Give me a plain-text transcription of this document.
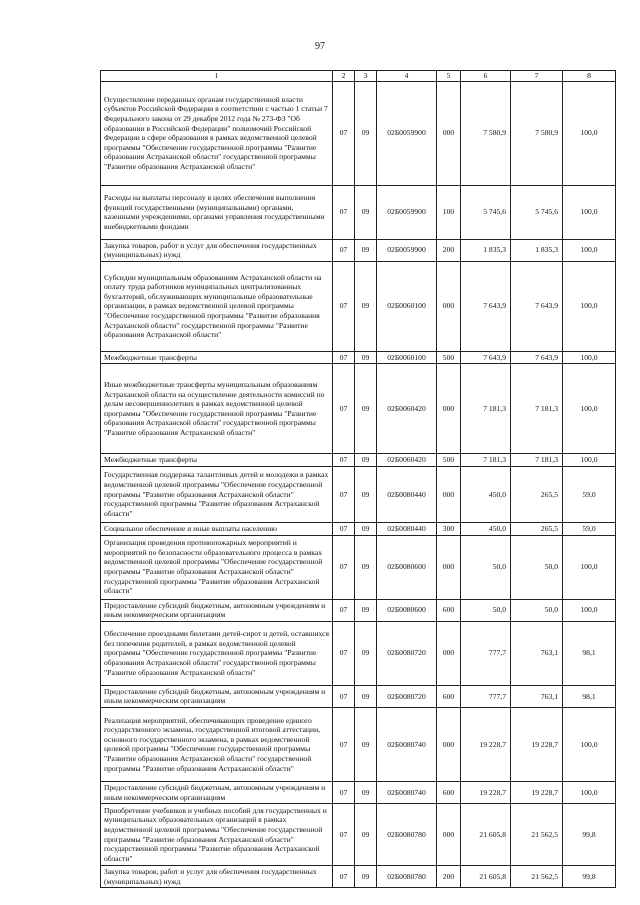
97
1	2	3	4	5	6	7	8
Осуществление переданных органам государственной власти субъектов Российской Федерации в соответствии с частью 1 статьи 7 Федерального закона от 29 декабря 2012 года № 273-ФЗ "Об образовании в Российской Федерации" полномочий Российской Федерации в сфере образования в рамках ведомственной целевой программы "Обеспечение государственной программы "Развитие образования Астраханской области" государственной программы "Развитие образования Астраханской области"	07	09	02Б0059900	000	7 580,9	7 580,9	100,0
Расходы на выплаты персоналу в целях обеспечения выполнения функций государственными (муниципальными) органами, казенными учреждениями, органами управления государственными внебюджетными фондами	07	09	02Б0059900	100	5 745,6	5 745,6	100,0
Закупка товаров, работ и услуг для обеспечения государственных (муниципальных) нужд	07	09	02Б0059900	200	1 835,3	1 835,3	100,0
Субсидии муниципальным образованиям Астраханской области на оплату труда работников муниципальных централизованных бухгалтерий, обслуживающих муниципальные образовательные организации, в рамках ведомственной целевой программы "Обеспечение государственной программы "Развитие образования Астраханской области" государственной программы "Развитие образования Астраханской области"	07	09	02Б0060100	000	7 643,9	7 643,9	100,0
Межбюджетные трансферты	07	09	02Б0060100	500	7 643,9	7 643,9	100,0
Иные межбюджетные трансферты муниципальным образованиям Астраханской области на осуществление деятельности комиссий по делам несовершеннолетних в рамках ведомственной целевой программы "Обеспечение государственной программы "Развитие образования Астраханской области" государственной программы "Развитие образования Астраханской области"	07	09	02Б0060420	000	7 181,3	7 181,3	100,0
Межбюджетные трансферты	07	09	02Б0060420	500	7 181,3	7 181,3	100,0
Государственная поддержка талантливых детей и молодежи в рамках ведомственной целевой программы "Обеспечение государственной программы "Развитие образования Астраханской области" государственной программы "Развитие образования Астраханской области"	07	09	02Б0080440	000	450,0	265,5	59,0
Социальное обеспечение и иные выплаты населению	07	09	02Б0080440	300	450,0	265,5	59,0
Организация проведения противопожарных мероприятий и мероприятий по безопасности образовательного процесса в рамках ведомственной целевой программы "Обеспечение государственной программы "Развитие образования Астраханской области" государственной программы "Развитие образования Астраханской области"	07	09	02Б0080600	000	50,0	50,0	100,0
Предоставление субсидий бюджетным, автономным учреждениям и иным некоммерческим организациям	07	09	02Б0080600	600	50,0	50,0	100,0
Обеспечение проездными билетами детей-сирот и детей, оставшихся без попечения родителей, в рамках ведомственной целевой программы "Обеспечение государственной программы "Развитие образования Астраханской области" государственной программы "Развитие образования Астраханской области"	07	09	02Б0080720	000	777,7	763,1	98,1
Предоставление субсидий бюджетным, автономным учреждениям и иным некоммерческим организациям	07	09	02Б0080720	600	777,7	763,1	98,1
Реализация мероприятий, обеспечивающих проведение единого государственного экзамена, государственной итоговой аттестации, основного государственного экзамена, в рамках ведомственной целевой программы "Обеспечение государственной программы "Развитие образования Астраханской области" государственной программы "Развитие образования Астраханской области"	07	09	02Б0080740	000	19 228,7	19 228,7	100,0
Предоставление субсидий бюджетным, автономным учреждениям и иным некоммерческим организациям	07	09	02Б0080740	600	19 228,7	19 228,7	100,0
Приобретение учебников и учебных пособий для государственных и муниципальных образовательных организаций в рамках ведомственной целевой программы "Обеспечение государственной программы "Развитие образования Астраханской области" государственной программы "Развитие образования Астраханской области"	07	09	02Б0080780	000	21 605,8	21 562,5	99,8
Закупка товаров, работ и услуг для обеспечения государственных (муниципальных) нужд	07	09	02Б0080780	200	21 605,8	21 562,5	99,8
